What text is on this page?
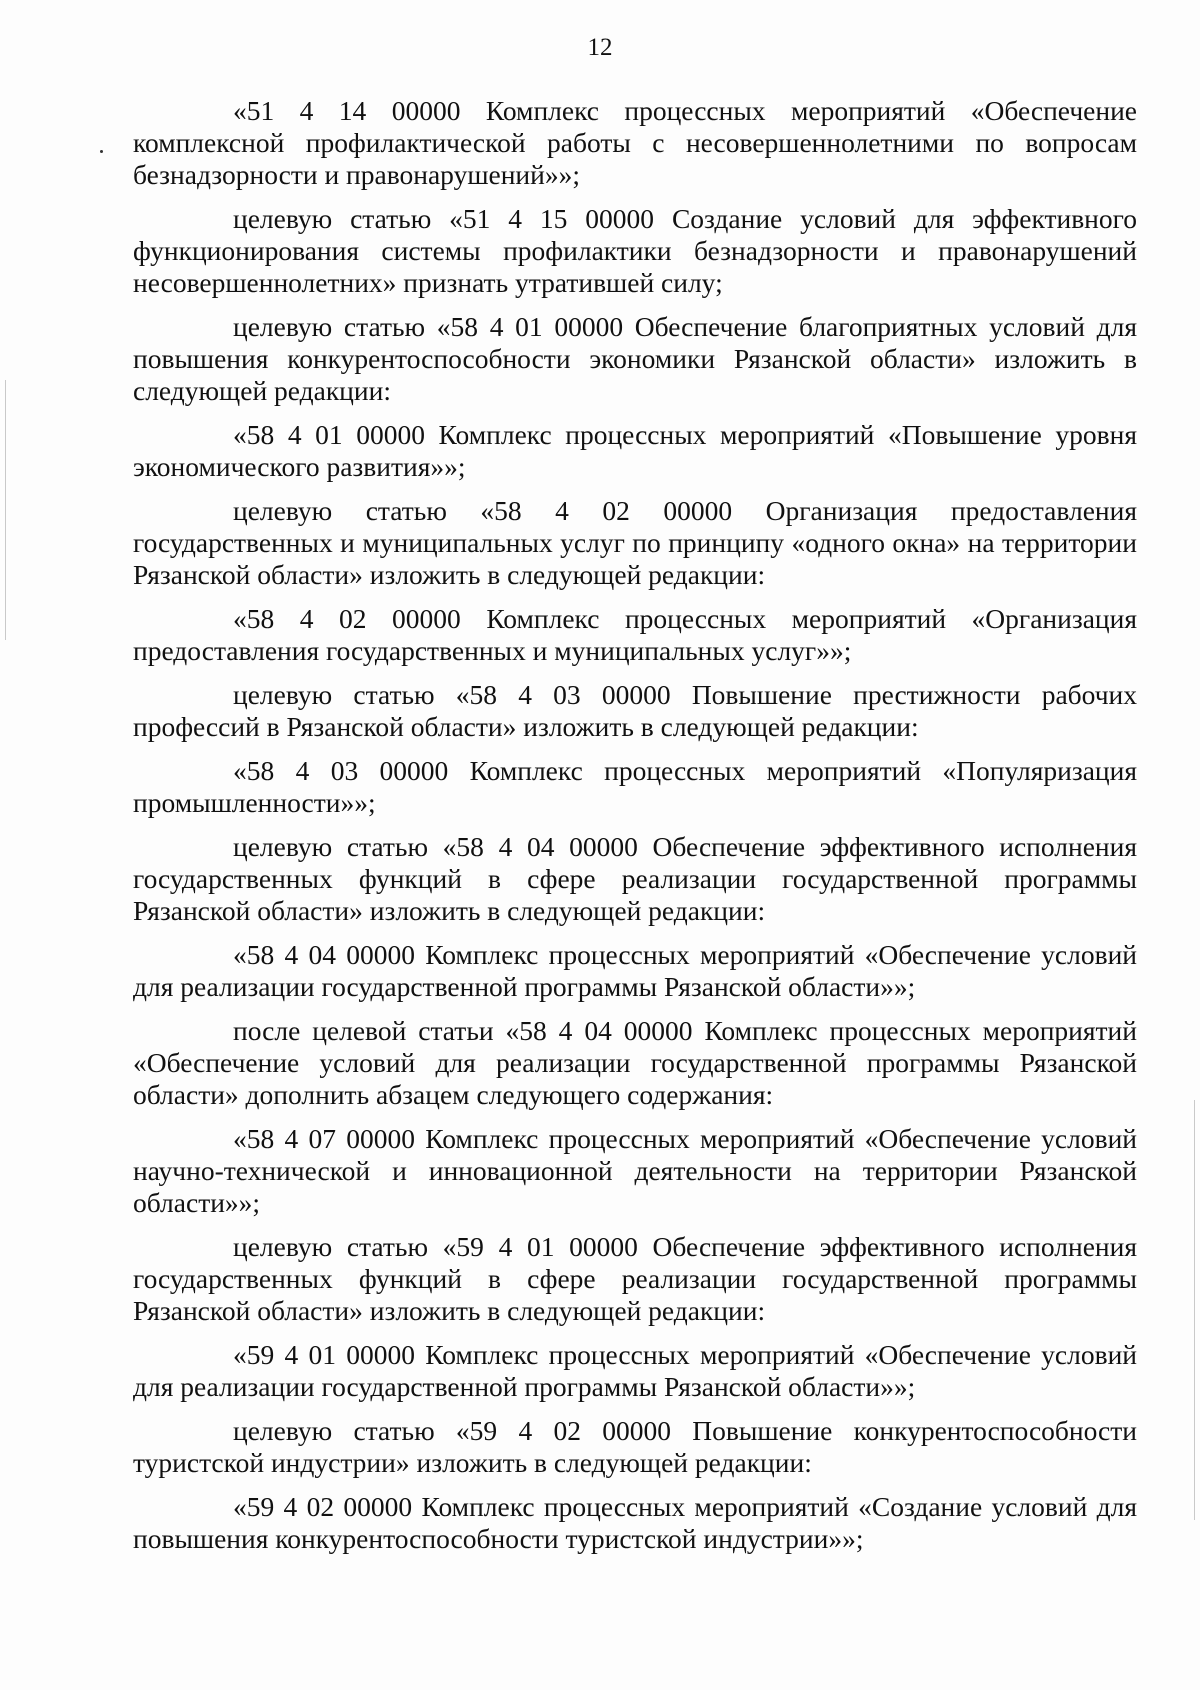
12

«51 4 14 00000 Комплекс процессных мероприятий «Обеспечение комплексной профилактической работы с несовершеннолетними по вопросам безнадзорности и правонарушений»»;

целевую статью «51 4 15 00000 Создание условий для эффективного функционирования системы профилактики безнадзорности и правонарушений несовершеннолетних» признать утратившей силу;

целевую статью «58 4 01 00000 Обеспечение благоприятных условий для повышения конкурентоспособности экономики Рязанской области» изложить в следующей редакции:

«58 4 01 00000 Комплекс процессных мероприятий «Повышение уровня экономического развития»»;

целевую статью «58 4 02 00000 Организация предоставления государственных и муниципальных услуг по принципу «одного окна» на территории Рязанской области» изложить в следующей редакции:

«58 4 02 00000 Комплекс процессных мероприятий «Организация предоставления государственных и муниципальных услуг»»;

целевую статью «58 4 03 00000 Повышение престижности рабочих профессий в Рязанской области» изложить в следующей редакции:

«58 4 03 00000 Комплекс процессных мероприятий «Популяризация промышленности»»;

целевую статью «58 4 04 00000 Обеспечение эффективного исполнения государственных функций в сфере реализации государственной программы Рязанской области» изложить в следующей редакции:

«58 4 04 00000 Комплекс процессных мероприятий «Обеспечение условий для реализации государственной программы Рязанской области»»;

после целевой статьи «58 4 04 00000 Комплекс процессных мероприятий «Обеспечение условий для реализации государственной программы Рязанской области» дополнить абзацем следующего содержания:

«58 4 07 00000 Комплекс процессных мероприятий «Обеспечение условий научно-технической и инновационной деятельности на территории Рязанской области»»;

целевую статью «59 4 01 00000 Обеспечение эффективного исполнения государственных функций в сфере реализации государственной программы Рязанской области» изложить в следующей редакции:

«59 4 01 00000 Комплекс процессных мероприятий «Обеспечение условий для реализации государственной программы Рязанской области»»;

целевую статью «59 4 02 00000 Повышение конкурентоспособности туристской индустрии» изложить в следующей редакции:

«59 4 02 00000 Комплекс процессных мероприятий «Создание условий для повышения конкурентоспособности туристской индустрии»»;
